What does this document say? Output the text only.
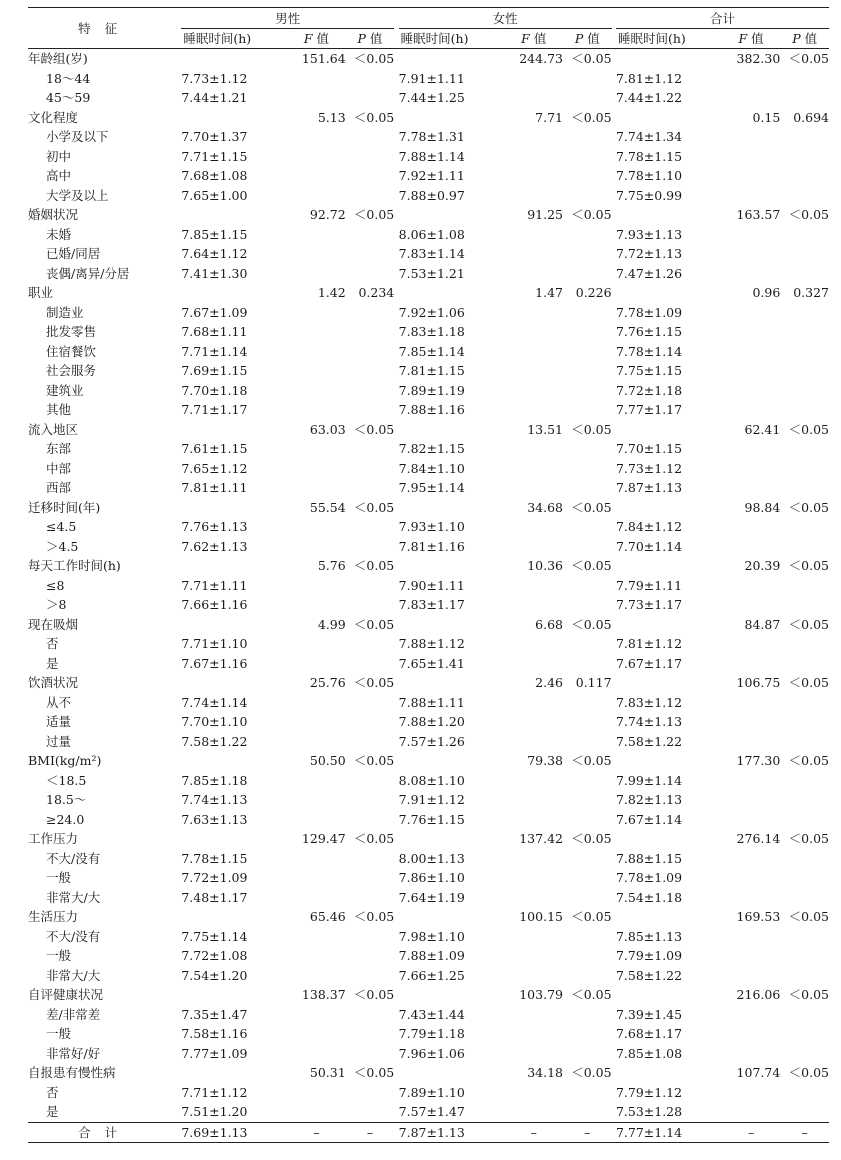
特征	男性				女性				合计		
	睡眠时间(h)	F 值	P 值		睡眠时间(h)	F 值	P 值		睡眠时间(h)	F 值	P 值
年龄组(岁)		151.64	＜0.05			244.73	＜0.05			382.30	＜0.05
18～44	7.73±1.12				7.91±1.11				7.81±1.12		
45～59	7.44±1.21				7.44±1.25				7.44±1.22		
文化程度		5.13	＜0.05			7.71	＜0.05			0.15	0.694
小学及以下	7.70±1.37				7.78±1.31				7.74±1.34		
初中	7.71±1.15				7.88±1.14				7.78±1.15		
高中	7.68±1.08				7.92±1.11				7.78±1.10		
大学及以上	7.65±1.00				7.88±0.97				7.75±0.99		
婚姻状况		92.72	＜0.05			91.25	＜0.05			163.57	＜0.05
未婚	7.85±1.15				8.06±1.08				7.93±1.13		
已婚/同居	7.64±1.12				7.83±1.14				7.72±1.13		
丧偶/离异/分居	7.41±1.30				7.53±1.21				7.47±1.26		
职业		1.42	0.234			1.47	0.226			0.96	0.327
制造业	7.67±1.09				7.92±1.06				7.78±1.09		
批发零售	7.68±1.11				7.83±1.18				7.76±1.15		
住宿餐饮	7.71±1.14				7.85±1.14				7.78±1.14		
社会服务	7.69±1.15				7.81±1.15				7.75±1.15		
建筑业	7.70±1.18				7.89±1.19				7.72±1.18		
其他	7.71±1.17				7.88±1.16				7.77±1.17		
流入地区		63.03	＜0.05			13.51	＜0.05			62.41	＜0.05
东部	7.61±1.15				7.82±1.15				7.70±1.15		
中部	7.65±1.12				7.84±1.10				7.73±1.12		
西部	7.81±1.11				7.95±1.14				7.87±1.13		
迁移时间(年)		55.54	＜0.05			34.68	＜0.05			98.84	＜0.05
≤4.5	7.76±1.13				7.93±1.10				7.84±1.12		
＞4.5	7.62±1.13				7.81±1.16				7.70±1.14		
每天工作时间(h)		5.76	＜0.05			10.36	＜0.05			20.39	＜0.05
≤8	7.71±1.11				7.90±1.11				7.79±1.11		
＞8	7.66±1.16				7.83±1.17				7.73±1.17		
现在吸烟		4.99	＜0.05			6.68	＜0.05			84.87	＜0.05
否	7.71±1.10				7.88±1.12				7.81±1.12		
是	7.67±1.16				7.65±1.41				7.67±1.17		
饮酒状况		25.76	＜0.05			2.46	0.117			106.75	＜0.05
从不	7.74±1.14				7.88±1.11				7.83±1.12		
适量	7.70±1.10				7.88±1.20				7.74±1.13		
过量	7.58±1.22				7.57±1.26				7.58±1.22		
BMI(kg/m²)		50.50	＜0.05			79.38	＜0.05			177.30	＜0.05
＜18.5	7.85±1.18				8.08±1.10				7.99±1.14		
18.5～	7.74±1.13				7.91±1.12				7.82±1.13		
≥24.0	7.63±1.13				7.76±1.15				7.67±1.14		
工作压力		129.47	＜0.05			137.42	＜0.05			276.14	＜0.05
不大/没有	7.78±1.15				8.00±1.13				7.88±1.15		
一般	7.72±1.09				7.86±1.10				7.78±1.09		
非常大/大	7.48±1.17				7.64±1.19				7.54±1.18		
生活压力		65.46	＜0.05			100.15	＜0.05			169.53	＜0.05
不大/没有	7.75±1.14				7.98±1.10				7.85±1.13		
一般	7.72±1.08				7.88±1.09				7.79±1.09		
非常大/大	7.54±1.20				7.66±1.25				7.58±1.22		
自评健康状况		138.37	＜0.05			103.79	＜0.05			216.06	＜0.05
差/非常差	7.35±1.47				7.43±1.44				7.39±1.45		
一般	7.58±1.16				7.79±1.18				7.68±1.17		
非常好/好	7.77±1.09				7.96±1.06				7.85±1.08		
自报患有慢性病		50.31	＜0.05			34.18	＜0.05			107.74	＜0.05
否	7.71±1.12				7.89±1.10				7.79±1.12		
是	7.51±1.20				7.57±1.47				7.53±1.28		
合计	7.69±1.13	–	–		7.87±1.13	–	–		7.77±1.14	–	–
